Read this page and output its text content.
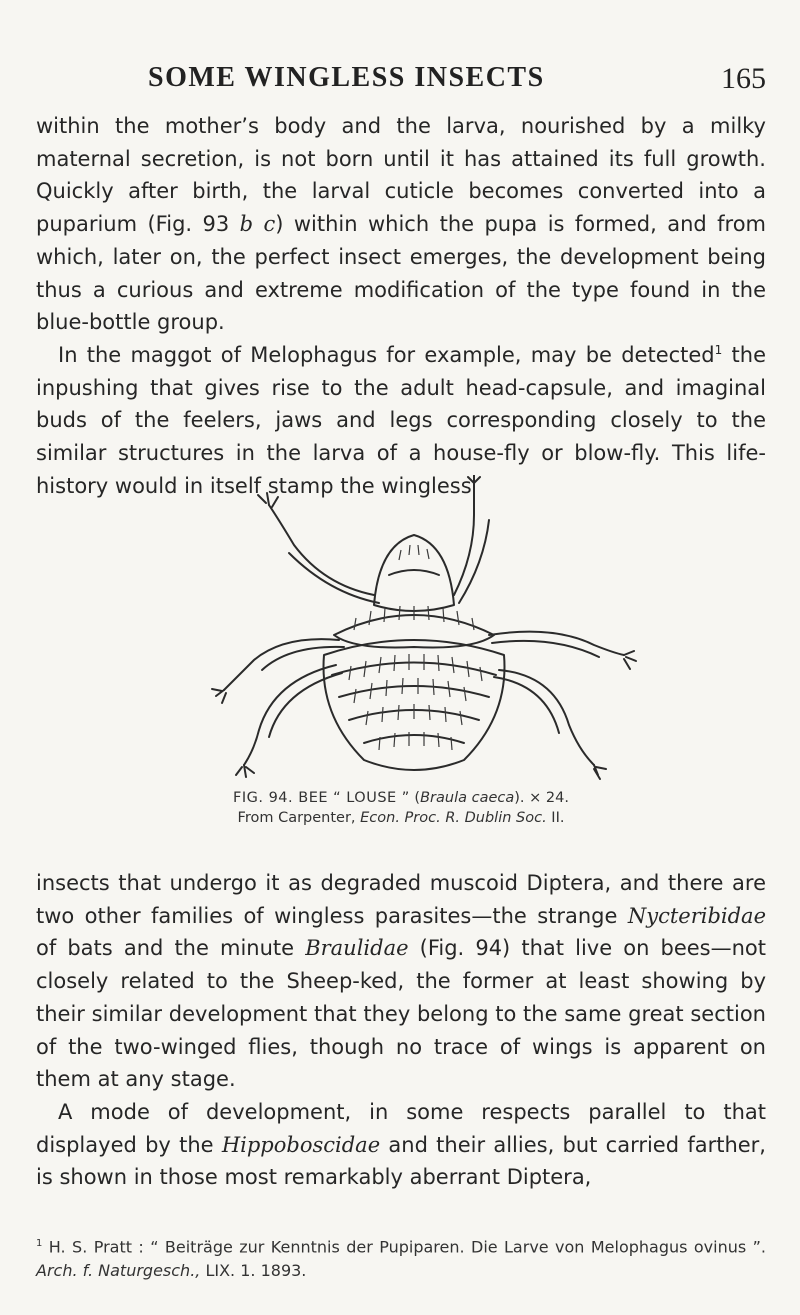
SOME WINGLESS INSECTS	165

within the mother’s body and the larva, nourished by a milky maternal secretion, is not born until it has attained its full growth. Quickly after birth, the larval cuticle becomes converted into a puparium (Fig. 93 b c) within which the pupa is formed, and from which, later on, the perfect insect emerges, the development being thus a curious and extreme modification of the type found in the blue-bottle group.

In the maggot of Melophagus for example, may be detected$^1$ the inpushing that gives rise to the adult head-capsule, and imaginal buds of the feelers, jaws and legs corresponding closely to the similar structures in the larva of a house-fly or blow-fly. This life-history would in itself stamp the wingless

FIG. 94. BEE “ LOUSE ” (Braula caeca). × 24.
From Carpenter, Econ. Proc. R. Dublin Soc. II.

insects that undergo it as degraded muscoid Diptera, and there are two other families of wingless parasites—the strange Nycteribidae of bats and the minute Braulidae (Fig. 94) that live on bees—not closely related to the Sheep-ked, the former at least showing by their similar development that they belong to the same great section of the two-winged flies, though no trace of wings is apparent on them at any stage.

A mode of development, in some respects parallel to that displayed by the Hippoboscidae and their allies, but carried farther, is shown in those most remarkably aberrant Diptera,

$^1$ H. S. Pratt : “ Beiträge zur Kenntnis der Pupiparen. Die Larve von Melophagus ovinus ”. Arch. f. Naturgesch., LIX. 1. 1893.
